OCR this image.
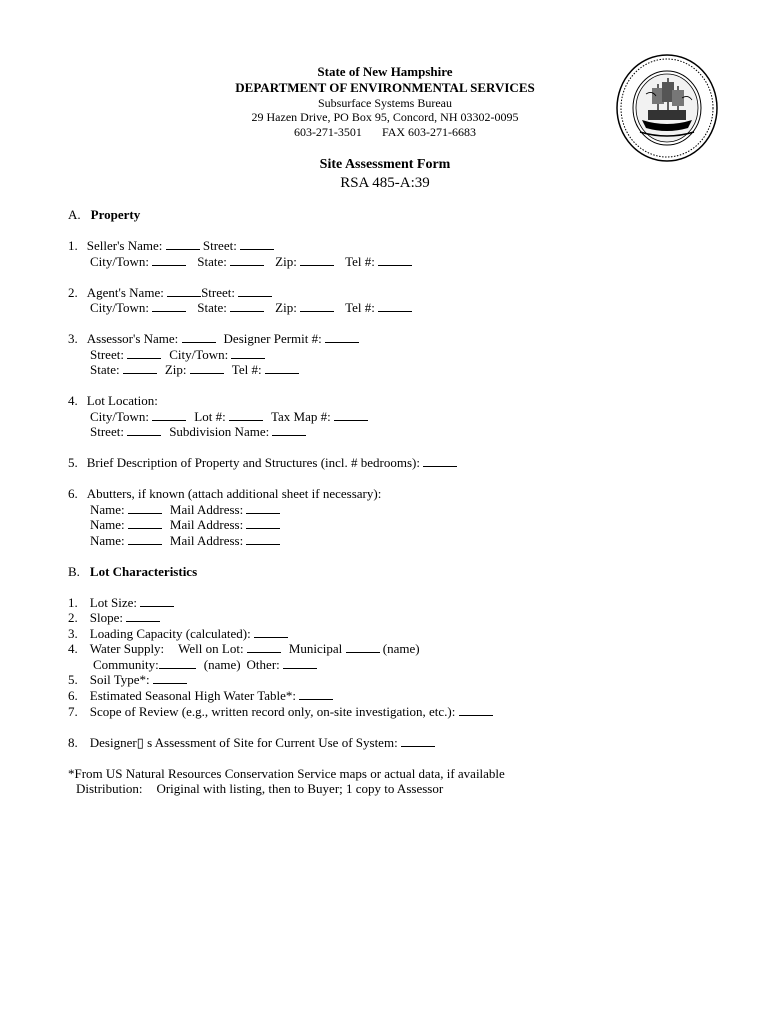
State of New Hampshire
DEPARTMENT OF ENVIRONMENTAL SERVICES
Subsurface Systems Bureau
29 Hazen Drive, PO Box 95, Concord, NH 03302-0095
603-271-3501 FAX 603-271-6683
Site Assessment Form
RSA 485-A:39
A. Property
1. Seller's Name:	Street:
City/Town:	State:	Zip:	Tel #:
2. Agent's Name:	Street:
City/Town:	State:	Zip:	Tel #:
3. Assessor's Name:	Designer Permit #:
Street:	City/Town:
State:	Zip:	Tel #:
4. Lot Location:
City/Town:	Lot #:	Tax Map #:
Street:	Subdivision Name:
5. Brief Description of Property and Structures (incl. # bedrooms):
6. Abutters, if known (attach additional sheet if necessary):
Name:	Mail Address:
Name:	Mail Address:
Name:	Mail Address:
B. Lot Characteristics
1. Lot Size:
2. Slope:
3. Loading Capacity (calculated):
4. Water Supply: Well on Lot:	Municipal	(name)
Community:	(name) Other:
5. Soil Type*:
6. Estimated Seasonal High Water Table*:
7. Scope of Review (e.g., written record only, on-site investigation, etc.):
8. Designer▯ s Assessment of Site for Current Use of System:
*From US Natural Resources Conservation Service maps or actual data, if available
Distribution: Original with listing, then to Buyer; 1 copy to Assessor
